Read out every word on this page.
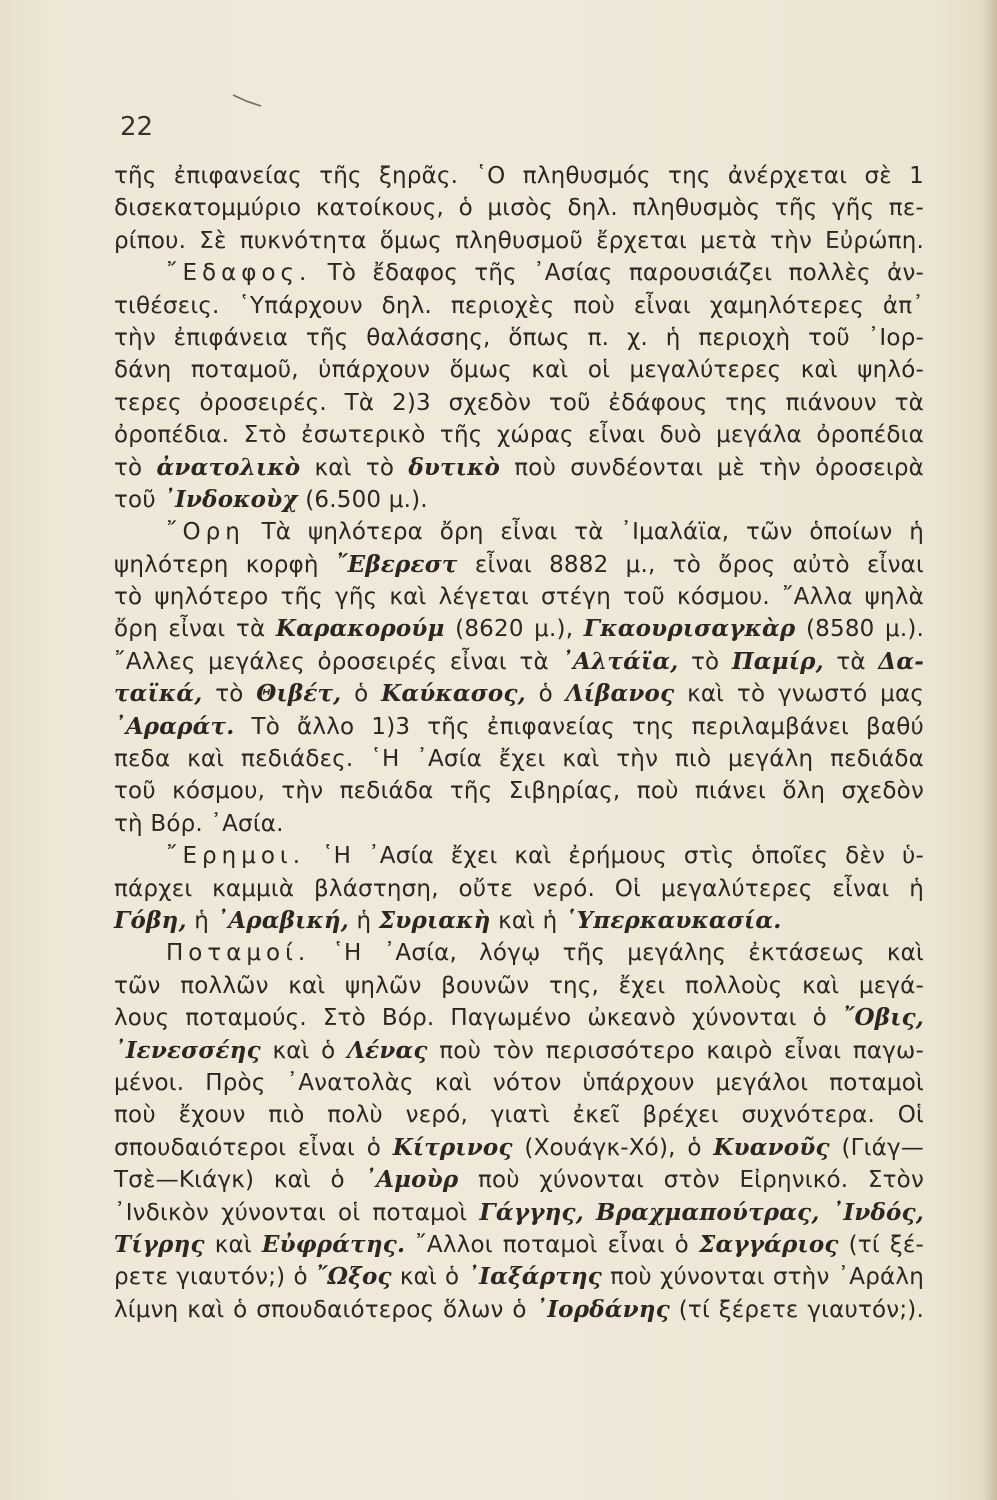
22
τῆς ἐπιφανείας τῆς ξηρᾶς. ῾Ο πληθυσμός της ἀνέρχεται σὲ 1
δισεκατομμύριο κατοίκους, ὁ μισὸς δηλ. πληθυσμὸς τῆς γῆς πε-
ρίπου. Σὲ πυκνότητα ὅμως πληθυσμοῦ ἔρχεται μετὰ τὴν Εὐρώπη.
῎Εδαφος. Τὸ ἔδαφος τῆς ᾿Ασίας παρουσιάζει πολλὲς ἀν-
τιθέσεις. ῾Υπάρχουν δηλ. περιοχὲς ποὺ εἶναι χαμηλότερες ἀπ᾿
τὴν ἐπιφάνεια τῆς θαλάσσης, ὅπως π. χ. ἡ περιοχὴ τοῦ ᾿Ιορ-
δάνη ποταμοῦ, ὑπάρχουν ὅμως καὶ οἱ μεγαλύτερες καὶ ψηλό-
τερες ὀροσειρές. Τὰ 2)3 σχεδὸν τοῦ ἐδάφους της πιάνουν τὰ
ὀροπέδια. Στὸ ἐσωτερικὸ τῆς χώρας εἶναι δυὸ μεγάλα ὀροπέδια
τὸ ἀνατολικὸ καὶ τὸ δυτικὸ ποὺ συνδέονται μὲ τὴν ὀροσειρὰ
τοῦ ᾿Ινδοκοὺχ (6.500 μ.).
῎Ορη Τὰ ψηλότερα ὄρη εἶναι τὰ ᾿Ιμαλάϊα, τῶν ὁποίων ἡ
ψηλότερη κορφὴ ῎Εβερεστ εἶναι 8882 μ., τὸ ὄρος αὐτὸ εἶναι
τὸ ψηλότερο τῆς γῆς καὶ λέγεται στέγη τοῦ κόσμου. ῎Αλλα ψηλὰ
ὄρη εἶναι τὰ Καρακορούμ (8620 μ.), Γκαουρισαγκὰρ (8580 μ.).
῎Αλλες μεγάλες ὀροσειρές εἶναι τὰ ᾿Αλτάϊα, τὸ Παμίρ, τὰ Δα-
ταϊκά, τὸ Θιβέτ, ὁ Καύκασος, ὁ Λίβανος καὶ τὸ γνωστό μας
᾿Αραράτ. Τὸ ἄλλο 1)3 τῆς ἐπιφανείας της περιλαμβάνει βαθύ
πεδα καὶ πεδιάδες. ῾Η ᾿Ασία ἔχει καὶ τὴν πιὸ μεγάλη πεδιάδα
τοῦ κόσμου, τὴν πεδιάδα τῆς Σιβηρίας, ποὺ πιάνει ὅλη σχεδὸν
τὴ Βόρ. ᾿Ασία.
῎Ερημοι. ῾Η ᾿Ασία ἔχει καὶ ἐρήμους στὶς ὁποῖες δὲν ὑ-
πάρχει καμμιὰ βλάστηση, οὔτε νερό. Οἱ μεγαλύτερες εἶναι ἡ
Γόβη, ἡ ᾿Αραβική, ἡ Συριακὴ καὶ ἡ ῾Υπερκαυκασία.
Ποταμοί. ῾Η ᾿Ασία, λόγῳ τῆς μεγάλης ἐκτάσεως καὶ
τῶν πολλῶν καὶ ψηλῶν βουνῶν της, ἔχει πολλοὺς καὶ μεγά-
λους ποταμούς. Στὸ Βόρ. Παγωμένο ὠκεανὸ χύνονται ὁ ῎Οβις,
᾿Ιενεσσέης καὶ ὁ Λένας ποὺ τὸν περισσότερο καιρὸ εἶναι παγω-
μένοι. Πρὸς ᾿Ανατολὰς καὶ νότον ὑπάρχουν μεγάλοι ποταμοὶ
ποὺ ἔχουν πιὸ πολὺ νερό, γιατὶ ἐκεῖ βρέχει συχνότερα. Οἱ
σπουδαιότεροι εἶναι ὁ Κίτρινος (Χουάγκ-Χό), ὁ Κυανοῦς (Γιάγ—
Τσὲ—Κιάγκ) καὶ ὁ ᾿Αμοὺρ ποὺ χύνονται στὸν Εἰρηνικό. Στὸν
᾿Ινδικὸν χύνονται οἱ ποταμοὶ Γάγγης, Βραχμαπούτρας, ᾿Ινδός,
Τίγρης καὶ Εὐφράτης. ῎Αλλοι ποταμοὶ εἶναι ὁ Σαγγάριος (τί ξέ-
ρετε γιαυτόν;) ὁ ῎Ωξος καὶ ὁ ᾿Ιαξάρτης ποὺ χύνονται στὴν ᾿Αράλη
λίμνη καὶ ὁ σπουδαιότερος ὅλων ὁ ᾿Ιορδάνης (τί ξέρετε γιαυτόν;).
